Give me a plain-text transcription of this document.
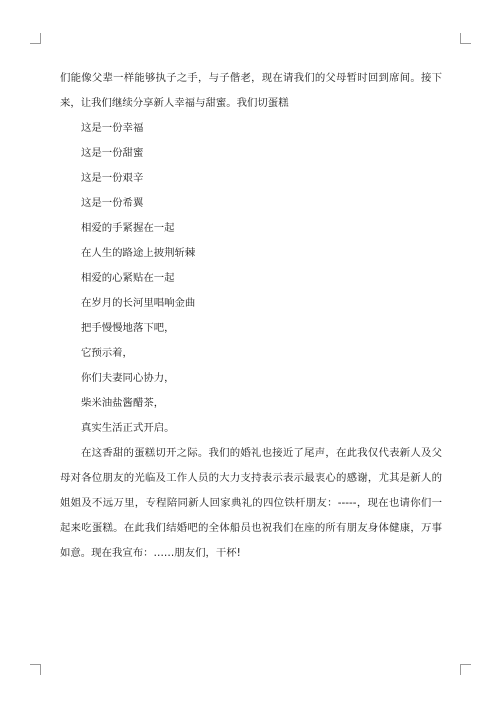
们能像父辈一样能够执子之手，与子偕老，现在请我们的父母暂时回到席间。接下来，让我们继续分享新人幸福与甜蜜。我们切蛋糕

这是一份幸福
这是一份甜蜜
这是一份艰辛
这是一份希翼
相爱的手紧握在一起
在人生的路途上披荆斩棘
相爱的心紧贴在一起
在岁月的长河里唱响金曲
把手慢慢地落下吧，
它预示着，
你们夫妻同心协力，
柴米油盐酱醋茶，
真实生活正式开启。

在这香甜的蛋糕切开之际。我们的婚礼也接近了尾声，在此我仅代表新人及父母对各位朋友的光临及工作人员的大力支持表示表示最衷心的感谢，尤其是新人的姐姐及不远万里，专程陪同新人回家典礼的四位铁杆朋友：-----，现在也请你们一起来吃蛋糕。在此我们结婚吧的全体船员也祝我们在座的所有朋友身体健康，万事如意。现在我宣布：……朋友们，干杯!
